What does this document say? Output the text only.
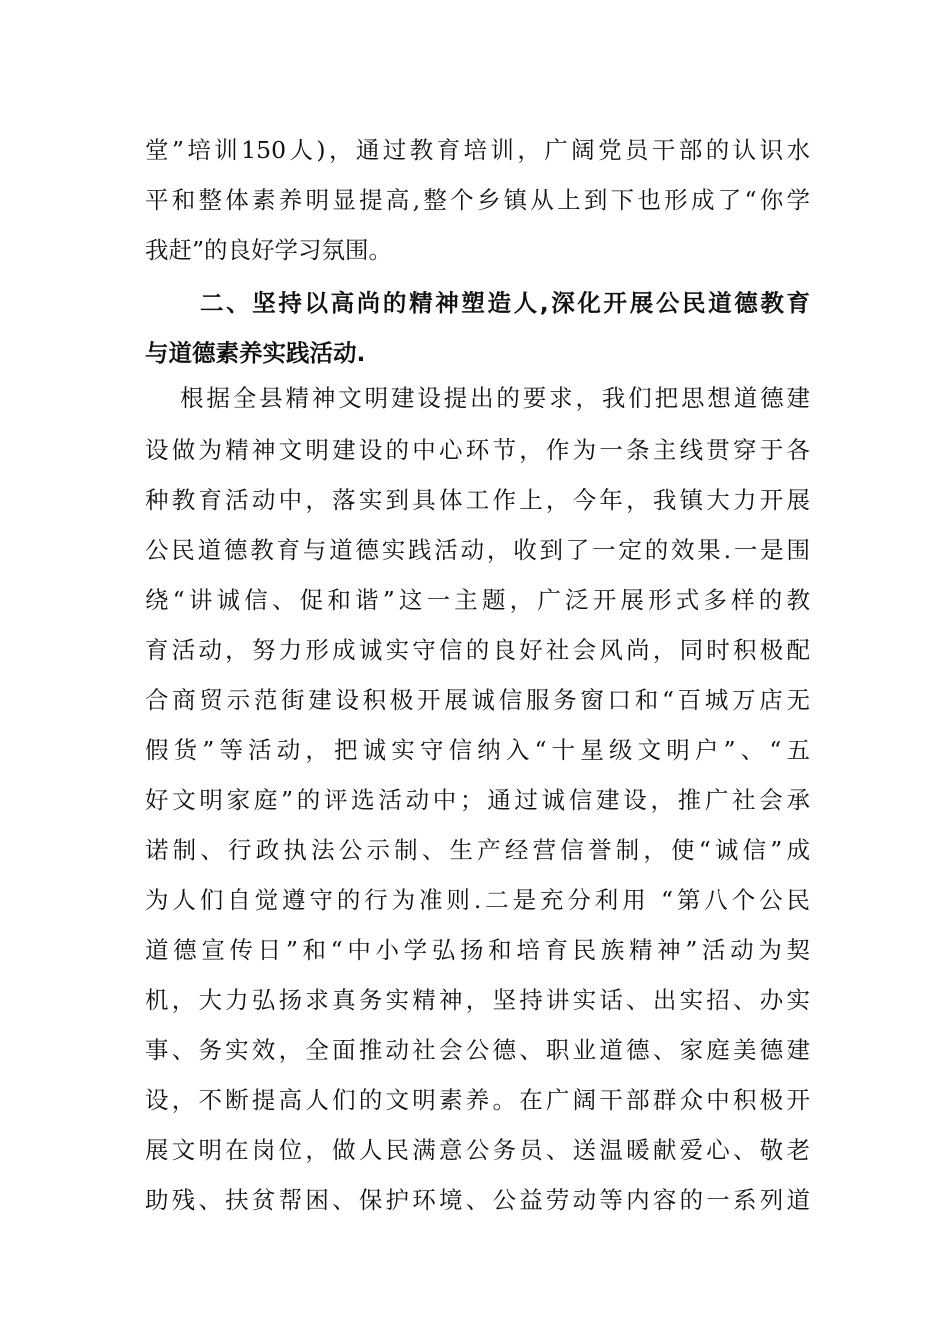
堂”培训150人)，通过教育培训，广阔党员干部的认识水
平和整体素养明显提高,整个乡镇从上到下也形成了“你学
我赶”的良好学习氛围。
二、坚持以高尚的精神塑造人,深化开展公民道德教育
与道德素养实践活动.
根据全县精神文明建设提出的要求，我们把思想道德建
设做为精神文明建设的中心环节，作为一条主线贯穿于各
种教育活动中，落实到具体工作上，今年，我镇大力开展
公民道德教育与道德实践活动，收到了一定的效果.一是围
绕“讲诚信、促和谐”这一主题，广泛开展形式多样的教
育活动，努力形成诚实守信的良好社会风尚，同时积极配
合商贸示范街建设积极开展诚信服务窗口和“百城万店无
假货”等活动，把诚实守信纳入“十星级文明户”、“五
好文明家庭”的评选活动中；通过诚信建设，推广社会承
诺制、行政执法公示制、生产经营信誉制，使“诚信”成
为人们自觉遵守的行为准则.二是充分利用 “第八个公民
道德宣传日”和“中小学弘扬和培育民族精神”活动为契
机，大力弘扬求真务实精神，坚持讲实话、出实招、办实
事、务实效，全面推动社会公德、职业道德、家庭美德建
设，不断提高人们的文明素养。在广阔干部群众中积极开
展文明在岗位，做人民满意公务员、送温暖献爱心、敬老
助残、扶贫帮困、保护环境、公益劳动等内容的一系列道
